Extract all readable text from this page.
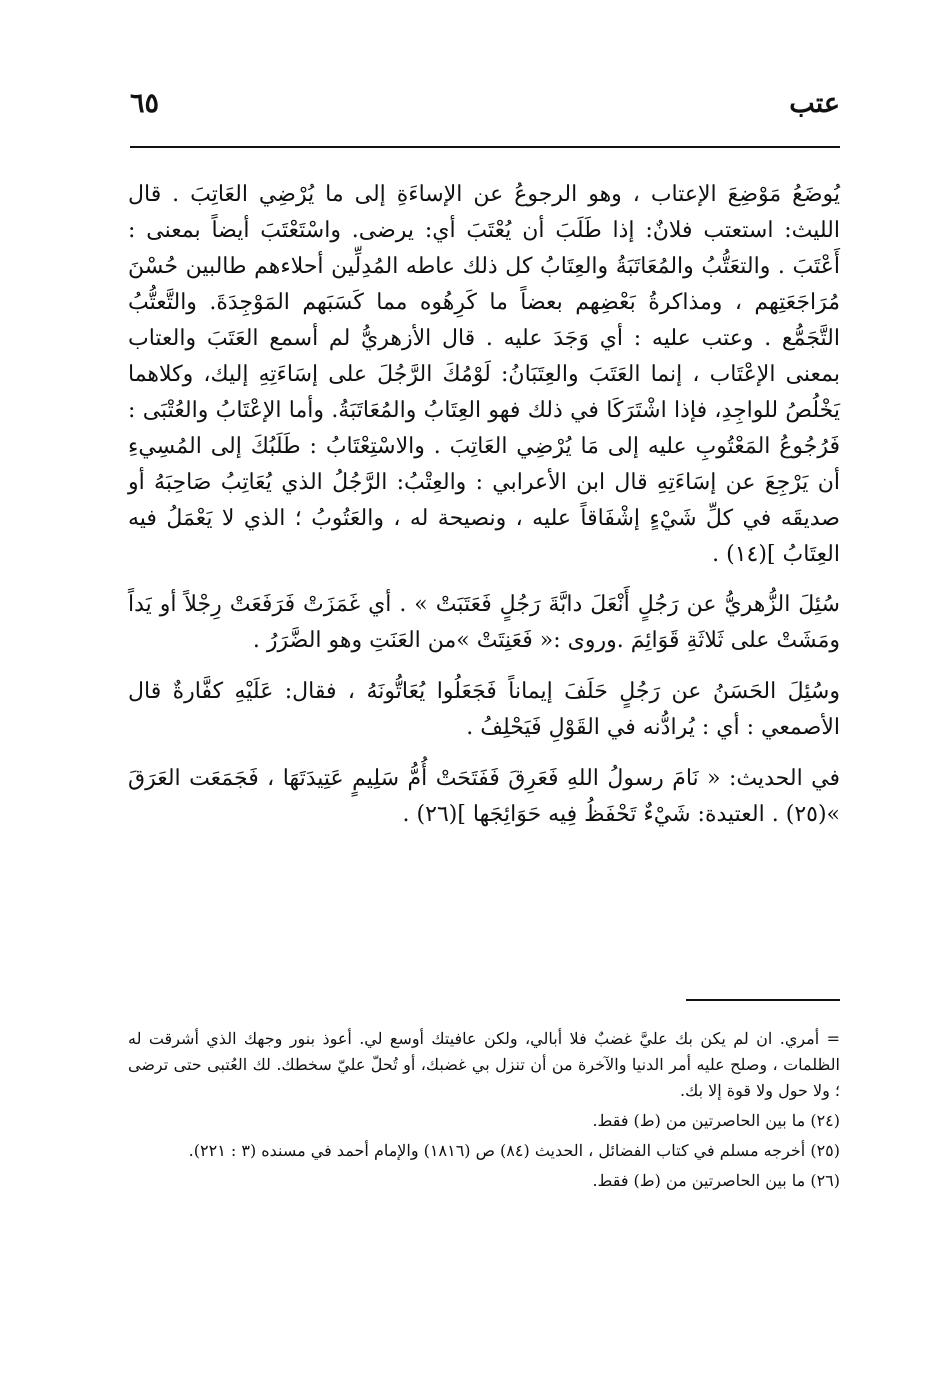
عتب
٦٥

يُوضَعُ مَوْضِعَ الإعتاب ، وهو الرجوعُ عن الإساءَةِ إلى ما يُرْضِي العَاتِبَ . قال الليث: استعتب فلانٌ: إذا طَلَبَ أن يُعْتَبَ أي: يرضى. واسْتَعْتَبَ أيضاً بمعنى : أَعْتَبَ . والتعَتُّبُ والمُعَاتَبَةُ والعِتَابُ كل ذلك عاطه المُدِلِّين أحلاءهم طالبين حُسْنَ مُرَاجَعَتِهم ، ومذاكرةُ بَعْضِهم بعضاً ما كَرِهُوه مما كَسَبَهم المَوْجِدَةَ. والتَّعتُّبُ التَّجَمُّع . وعتب عليه : أي وَجَدَ عليه . قال الأزهريُّ لم أسمع العَتَبَ والعتاب بمعنى الإعْتَاب ، إنما العَتَبَ والعِتَبَانُ: لَوْمُكَ الرَّجُلَ على إسَاءَتِهِ إليك، وكلاهما يَخْلُصُ للواجِدِ، فإذا اشْتَرَكَا في ذلك فهو العِتَابُ والمُعَاتَبَةُ. وأما الإعْتَابُ والعُتْبَى : فَرُجُوعُ المَعْتُوبِ عليه إلى مَا يُرْضِي العَاتِبَ . والاسْتِعْتَابُ : طَلَبُكَ إلى المُسِيءِ أن يَرْجِعَ عن إسَاءَتِهِ قال ابن الأعرابي : والعِتْبُ: الرَّجُلُ الذي يُعَاتِبُ صَاحِبَهُ أو صديقَه في كلِّ شَيْءٍ إشْفَاقاً عليه ، ونصيحة له ، والعَتُوبُ ؛ الذي لا يَعْمَلُ فيه العِتَابُ ](١٤) .

سُئِلَ الزُّهريُّ عن رَجُلٍ أَنْعَلَ دابَّةَ رَجُلٍ فَعَتَبَتْ » . أي غَمَزَتْ فَرَفَعَتْ رِجْلاً أو يَداً ومَشَتْ على ثَلاثَةِ قَوَائِمَ .وروى :« فَعَنِتَتْ »من العَنَتِ وهو الضَّرَرُ .

وسُئِلَ الحَسَنُ عن رَجُلٍ حَلَفَ إيماناً فَجَعَلُوا يُعَاتُّونَهُ ، فقال: عَلَيْهِ كفَّارةٌ قال الأصمعي : أي : يُرادُّنه في القَوْلِ فَيَحْلِفُ .

في الحديث: « نَامَ رسولُ اللهِ فَعَرِقَ فَفَتَحَتْ أُمُّ سَلِيمٍ عَتِيدَتَهَا ، فَجَمَعَت العَرَقَ »(٢٥) . العتيدة: شَيْءٌ تَحْفَظُ فِيه حَوَائِجَها ](٢٦) .

= أمري. ان لم يكن بك عليَّ غضبٌ فلا أبالي، ولكن عافيتك أوسع لي. أعوذ بنور وجهك الذي أشرقت له الظلمات ، وصلح عليه أمر الدنيا والآخرة من أن تنزل بي غضبك، أو تُحلّ عليّ سخطك. لك العُتبى حتى ترضى ؛ ولا حول ولا قوة إلا بك.

(٢٤) ما بين الحاصرتين من (ط) فقط.

(٢٥) أخرجه مسلم في كتاب الفضائل ، الحديث (٨٤) ص (١٨١٦) والإمام أحمد في مسنده (٣ : ٢٢١).

(٢٦) ما بين الحاصرتين من (ط) فقط.
